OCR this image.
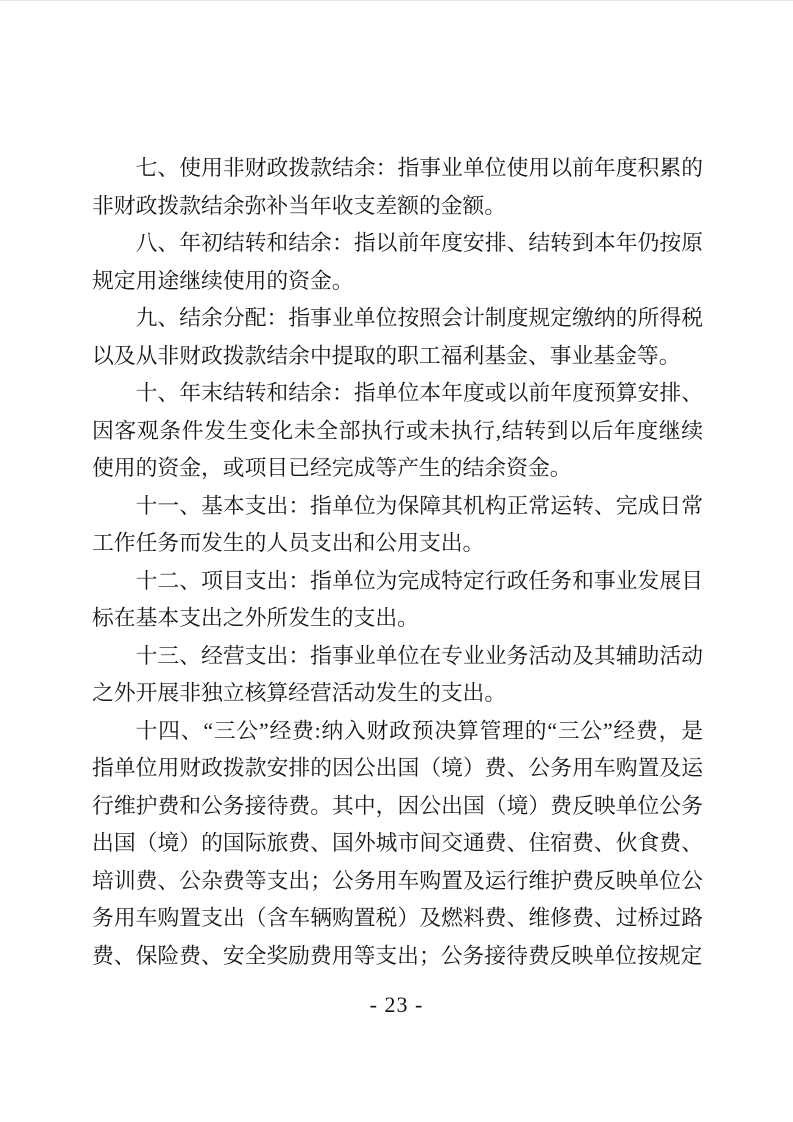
七、使用非财政拨款结余：指事业单位使用以前年度积累的非财政拨款结余弥补当年收支差额的金额。

八、年初结转和结余：指以前年度安排、结转到本年仍按原规定用途继续使用的资金。

九、结余分配：指事业单位按照会计制度规定缴纳的所得税以及从非财政拨款结余中提取的职工福利基金、事业基金等。

十、年末结转和结余：指单位本年度或以前年度预算安排、因客观条件发生变化未全部执行或未执行,结转到以后年度继续使用的资金，或项目已经完成等产生的结余资金。

十一、基本支出：指单位为保障其机构正常运转、完成日常工作任务而发生的人员支出和公用支出。

十二、项目支出：指单位为完成特定行政任务和事业发展目标在基本支出之外所发生的支出。

十三、经营支出：指事业单位在专业业务活动及其辅助活动之外开展非独立核算经营活动发生的支出。

十四、“三公”经费:纳入财政预决算管理的“三公”经费，是指单位用财政拨款安排的因公出国（境）费、公务用车购置及运行维护费和公务接待费。其中，因公出国（境）费反映单位公务出国（境）的国际旅费、国外城市间交通费、住宿费、伙食费、培训费、公杂费等支出；公务用车购置及运行维护费反映单位公务用车购置支出（含车辆购置税）及燃料费、维修费、过桥过路费、保险费、安全奖励费用等支出；公务接待费反映单位按规定

- 23 -
